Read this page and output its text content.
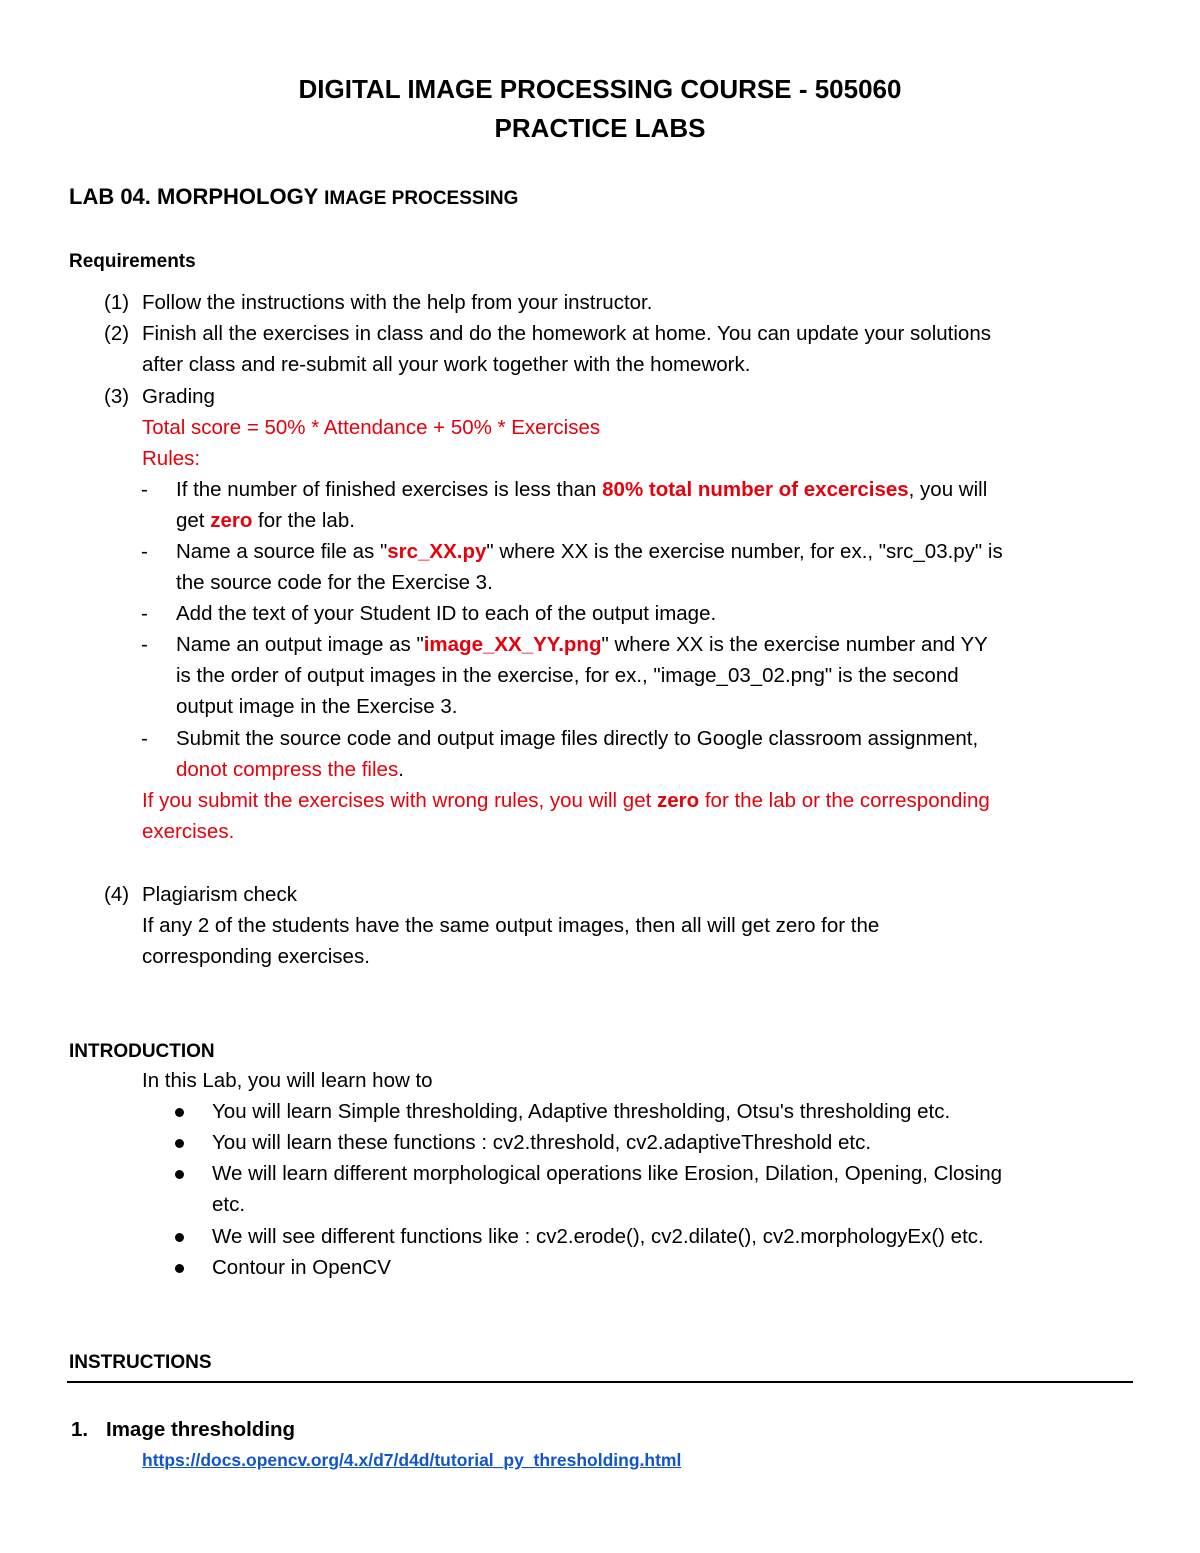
DIGITAL IMAGE PROCESSING COURSE - 505060
PRACTICE LABS
LAB 04. MORPHOLOGY IMAGE PROCESSING
Requirements
(1) Follow the instructions with the help from your instructor.
(2) Finish all the exercises in class and do the homework at home. You can update your solutions
after class and re-submit all your work together with the homework.
(3) Grading
Total score = 50% * Attendance + 50% * Exercises
Rules:
- If the number of finished exercises is less than 80% total number of excercises, you will
get zero for the lab.
- Name a source file as "src_XX.py" where XX is the exercise number, for ex., "src_03.py" is
the source code for the Exercise 3.
- Add the text of your Student ID to each of the output image.
- Name an output image as "image_XX_YY.png" where XX is the exercise number and YY
is the order of output images in the exercise, for ex., "image_03_02.png" is the second
output image in the Exercise 3.
- Submit the source code and output image files directly to Google classroom assignment,
donot compress the files.
If you submit the exercises with wrong rules, you will get zero for the lab or the corresponding
exercises.
(4) Plagiarism check
If any 2 of the students have the same output images, then all will get zero for the
corresponding exercises.
INTRODUCTION
In this Lab, you will learn how to
You will learn Simple thresholding, Adaptive thresholding, Otsu's thresholding etc.
You will learn these functions : cv2.threshold, cv2.adaptiveThreshold etc.
We will learn different morphological operations like Erosion, Dilation, Opening, Closing
etc.
We will see different functions like : cv2.erode(), cv2.dilate(), cv2.morphologyEx() etc.
Contour in OpenCV
INSTRUCTIONS
1. Image thresholding
https://docs.opencv.org/4.x/d7/d4d/tutorial_py_thresholding.html
